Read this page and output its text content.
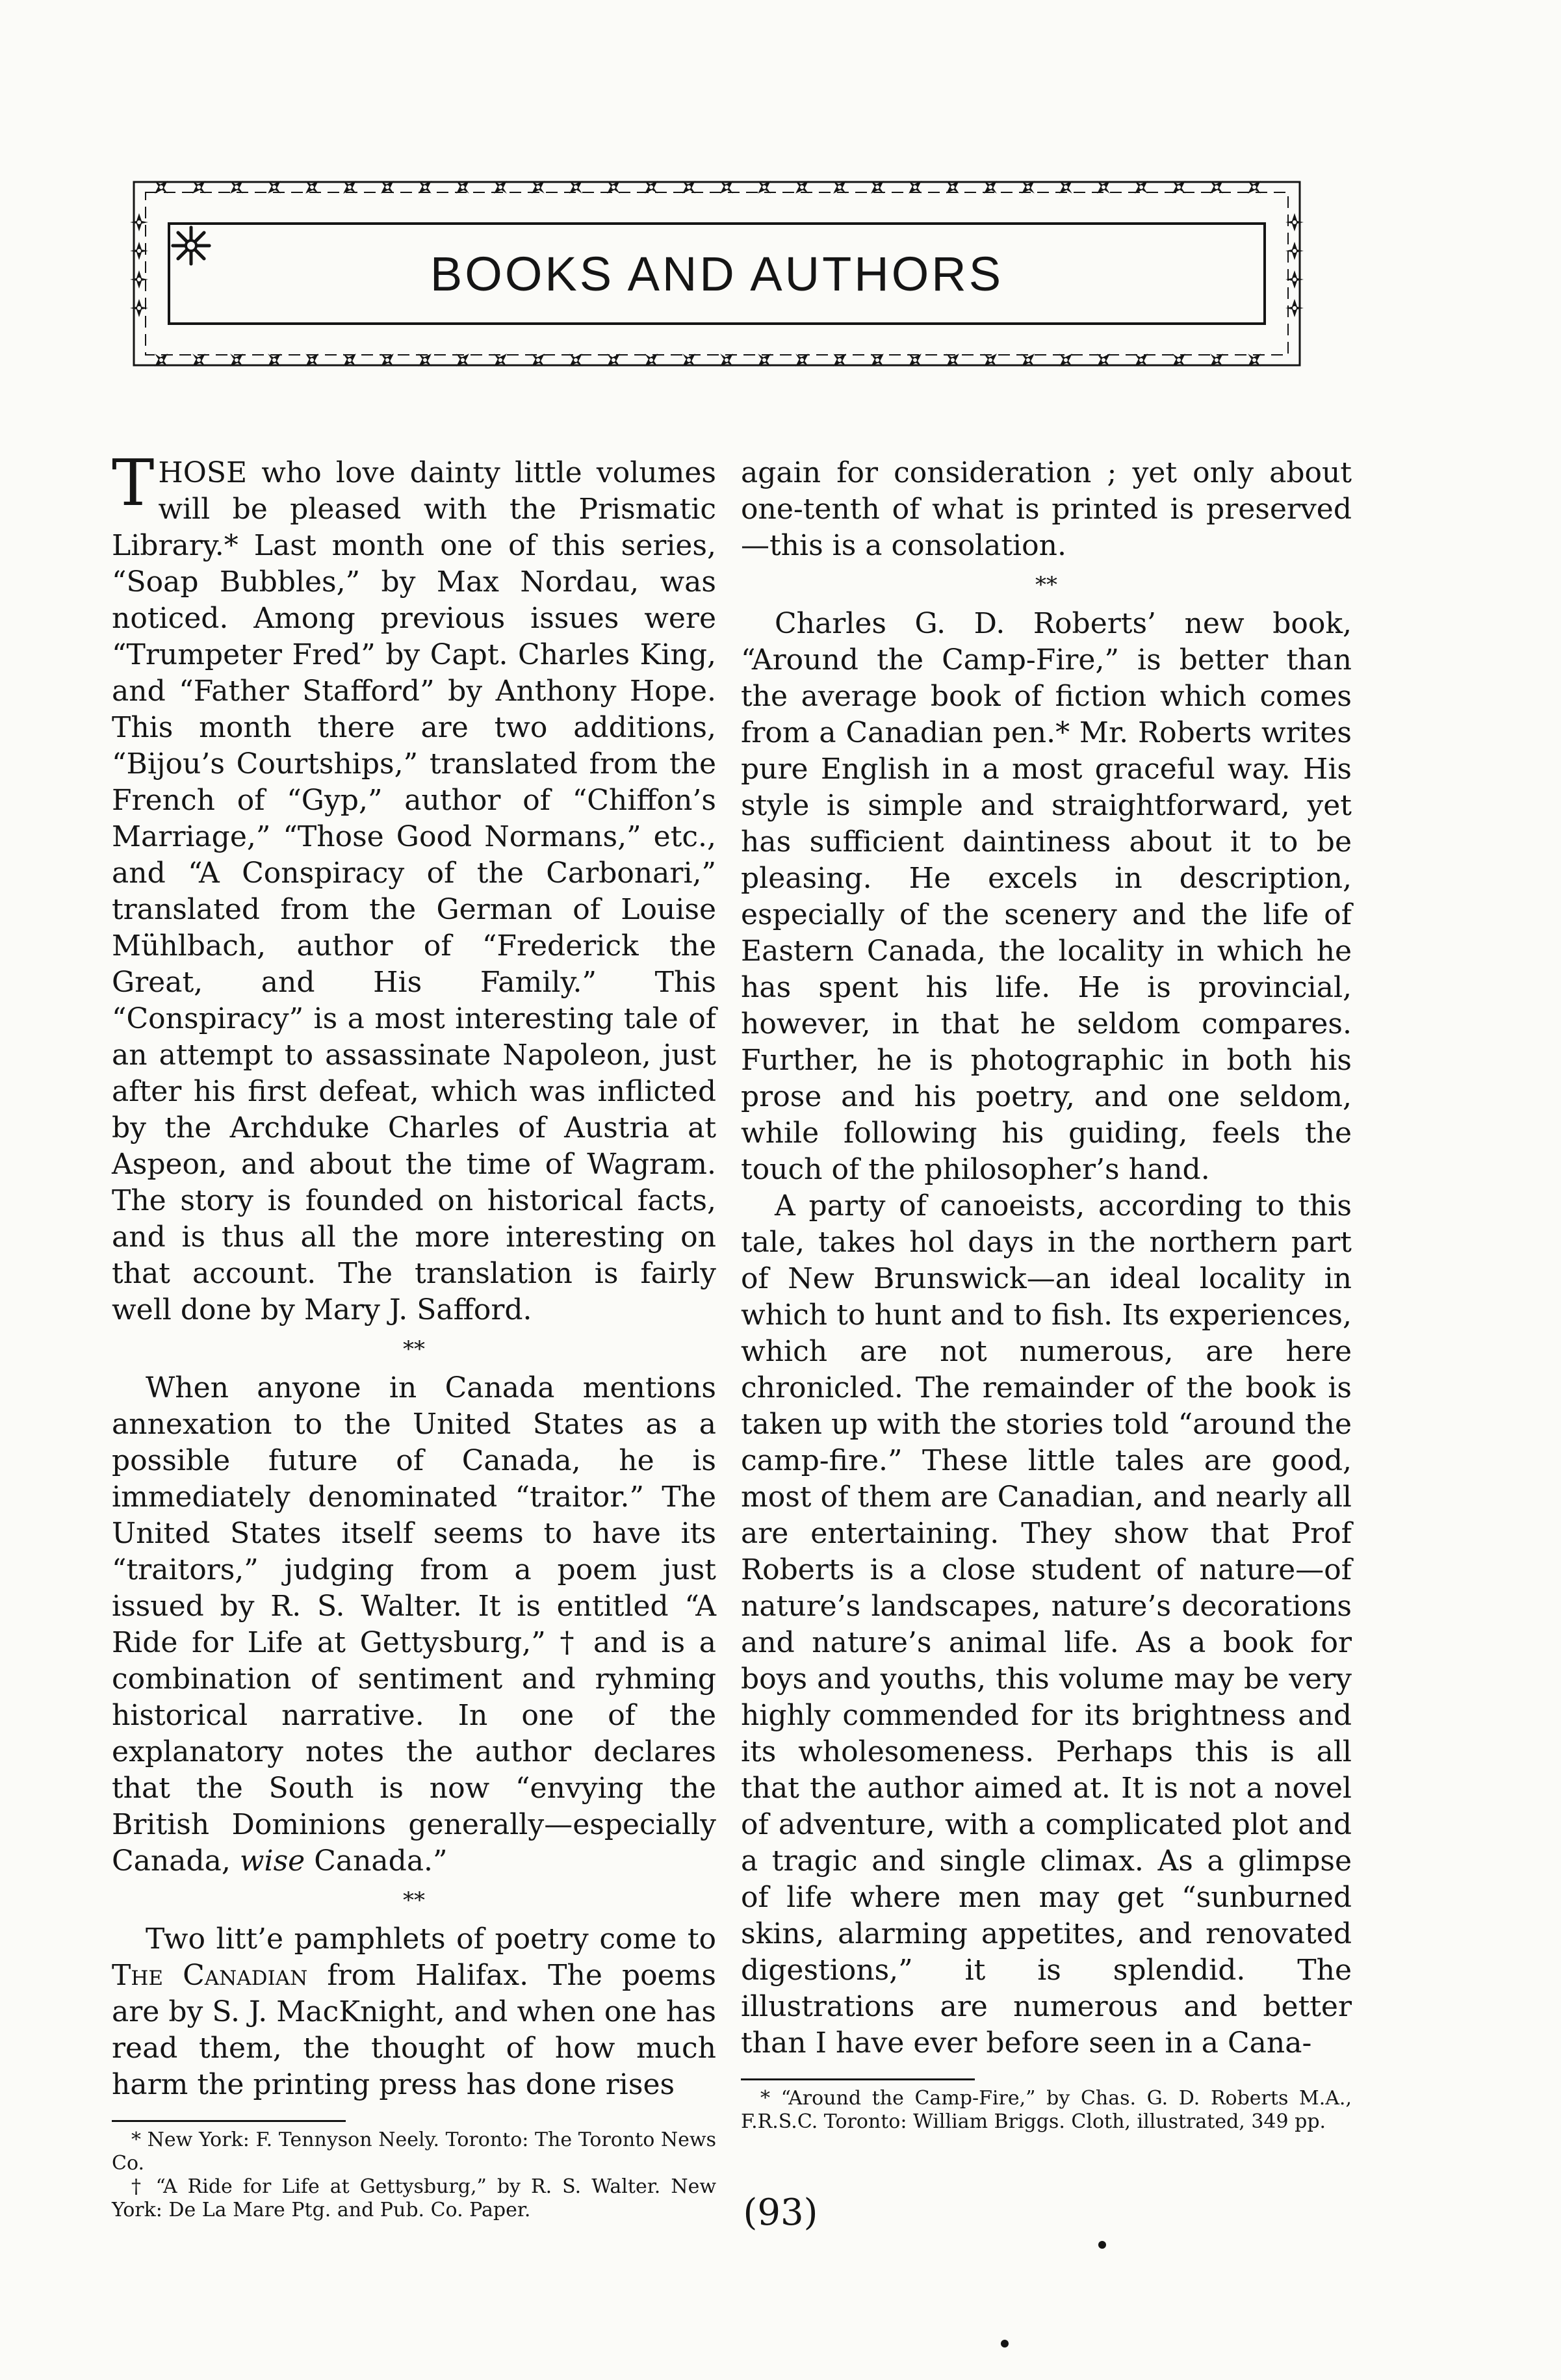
BOOKS AND AUTHORS

THOSE who love dainty little volumes will be pleased with the Prismatic Library.* Last month one of this series, “Soap Bubbles,” by Max Nordau, was noticed. Among previous issues were “Trumpeter Fred” by Capt. Charles King, and “Father Stafford” by Anthony Hope. This month there are two additions, “Bijou’s Courtships,” translated from the French of “Gyp,” author of “Chiffon’s Marriage,” “Those Good Normans,” etc., and “A Conspiracy of the Carbonari,” translated from the German of Louise Mühlbach, author of “Frederick the Great, and His Family.” This “Conspiracy” is a most interesting tale of an attempt to assassinate Napoleon, just after his first defeat, which was inflicted by the Archduke Charles of Austria at Aspeon, and about the time of Wagram. The story is founded on historical facts, and is thus all the more interesting on that account. The translation is fairly well done by Mary J. Safford.

**

When anyone in Canada mentions annexation to the United States as a possible future of Canada, he is immediately denominated “traitor.” The United States itself seems to have its “traitors,” judging from a poem just issued by R. S. Walter. It is entitled “A Ride for Life at Gettysburg,” † and is a combination of sentiment and ryhming historical narrative. In one of the explanatory notes the author declares that the South is now “envying the British Dominions generally—especially Canada, wise Canada.”

**

Two litt’e pamphlets of poetry come to The Canadian from Halifax. The poems are by S. J. MacKnight, and when one has read them, the thought of how much harm the printing press has done rises

* New York: F. Tennyson Neely. Toronto: The Toronto News Co.

† “A Ride for Life at Gettysburg,” by R. S. Walter. New York: De La Mare Ptg. and Pub. Co. Paper.

again for consideration ; yet only about one-tenth of what is printed is preserved —this is a consolation.

**

Charles G. D. Roberts’ new book, “Around the Camp-Fire,” is better than the average book of fiction which comes from a Canadian pen.* Mr. Roberts writes pure English in a most graceful way. His style is simple and straightforward, yet has sufficient daintiness about it to be pleasing. He excels in description, especially of the scenery and the life of Eastern Canada, the locality in which he has spent his life. He is provincial, however, in that he seldom compares. Further, he is photographic in both his prose and his poetry, and one seldom, while following his guiding, feels the touch of the philosopher’s hand.

A party of canoeists, according to this tale, takes hol days in the northern part of New Brunswick—an ideal locality in which to hunt and to fish. Its experiences, which are not numerous, are here chronicled. The remainder of the book is taken up with the stories told “around the camp-fire.” These little tales are good, most of them are Canadian, and nearly all are entertaining. They show that Prof Roberts is a close student of nature—of nature’s landscapes, nature’s decorations and nature’s animal life. As a book for boys and youths, this volume may be very highly commended for its brightness and its wholesomeness. Perhaps this is all that the author aimed at. It is not a novel of adventure, with a complicated plot and a tragic and single climax. As a glimpse of life where men may get “sunburned skins, alarming appetites, and renovated digestions,” it is splendid. The illustrations are numerous and better than I have ever before seen in a Cana-

* “Around the Camp-Fire,” by Chas. G. D. Roberts M.A., F.R.S.C. Toronto: William Briggs. Cloth, illustrated, 349 pp.

(93)
